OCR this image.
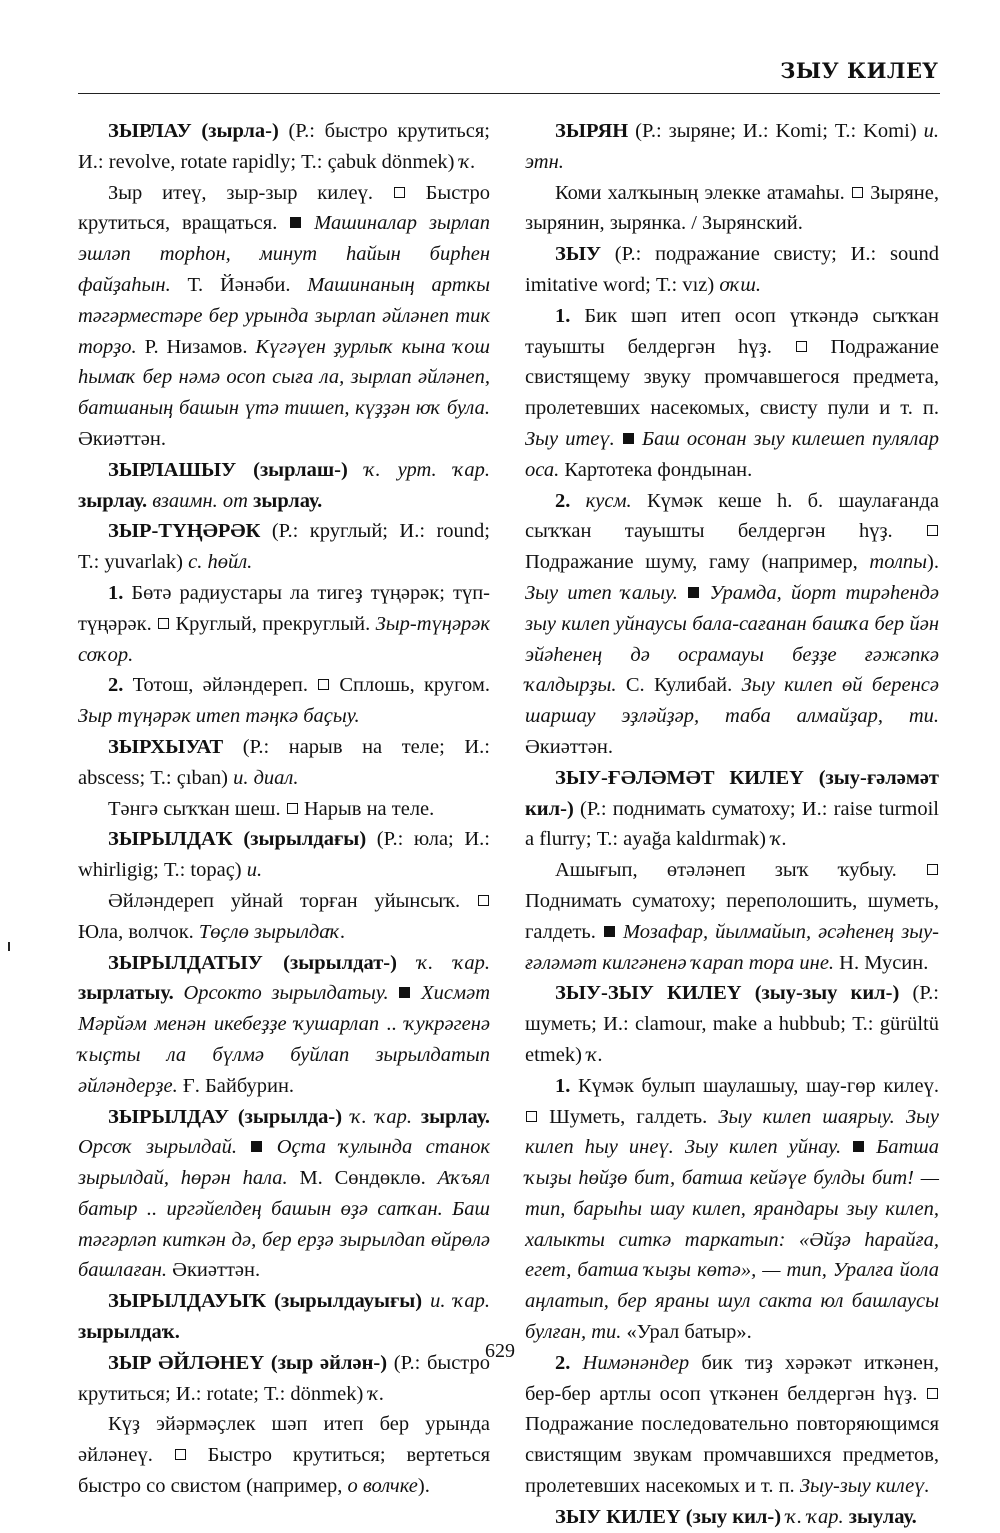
ЗЫУ КИЛЕҮ

ЗЫРЛАУ (зырла-) (Р.: быстро крутиться; И.: revolve, rotate rapidly; Т.: çabuk dönmek) ҡ.

Зыр итеү, зыр-зыр килеү.  Быстро крутиться, вращаться.  Машиналар зырлап эшләп торһон, минут һайын бирһен файҙаһын. Т. Йәнәби. Машинаның арткы тәгәрместәре бер урында зырлап әйләнеп тик торҙо. Р. Низамов. Күгәүен ҙурлыҡ кына ҡош һымаҡ бер нәмә осоп сыға ла, зырлап әйләнеп, батшаның башын үтә тишеп, күҙҙән юҡ була. Әкиәттән.

ЗЫРЛАШЫУ (зырлаш-) ҡ. урт. ҡар. зырлау. взаимн. от зырлау.

ЗЫР-ТҮҢӘРӘК (Р.: круглый; И.: round; Т.: yuvarlak) с. һөйл.

1. Бөтә радиустары ла тигеҙ түңәрәк; түп-түңәрәк.  Круглый, прекруглый. Зыр-түңәрәк соҡор.

2. Тотош, әйләндереп.  Сплошь, кругом. Зыр түңәрәк итеп тәңкә баҫыу.

ЗЫРХЫУАТ (Р.: нарыв на теле; И.: abscess; Т.: çıban) и. диал.

Тәнгә сыҡҡан шеш.  Нарыв на теле.

ЗЫРЫЛДАҠ (зырылдағы) (Р.: юла; И.: whirligig; Т.: topaç) и.

Әйләндереп уйнай торған уйынсыҡ.  Юла, волчок. Төҫлө зырылдаҡ.

ЗЫРЫЛДАТЫУ (зырылдат-) ҡ. ҡар. зырлатыу. Орсокто зырылдатыу. Хисмәт Мәрйәм менән икебеҙҙе ҡушарлап .. ҡукрәгенә ҡыҫты ла бүлмә буйлап зырылдатып әйләндерҙе. Ғ. Байбурин.

ЗЫРЫЛДАУ (зырылда-) ҡ. ҡар. зырлау. Орсоҡ зырылдай. Оҫта ҡулында станок зырылдай, һөрән һала. М. Сөндөклө. Аҡъял батыр .. иргәйелдең башын өҙә сапҡан. Баш тәгәрләп киткән дә, бер ерҙә зырылдап өйрөлә башлаған. Әкиәттән.

ЗЫРЫЛДАУЫҠ (зырылдауығы) и. ҡар. зырылдаҡ.

ЗЫР ӘЙЛӘНЕҮ (зыр әйлән-) (Р.: быстро крутиться; И.: rotate; Т.: dönmek) ҡ.

Күҙ эйәрмәҫлек шәп итеп бер урында әйләнеү.  Быстро крутиться; вертеться быстро со свистом (например, о волчке).

ЗЫРЯН (Р.: зыряне; И.: Komi; Т.: Komi) и. этн.

Коми халҡының элекке атамаһы.  Зыряне, зырянин, зырянка. / Зырянский.

ЗЫУ (Р.: подражание свисту; И.: sound imitative word; Т.: vız) оҡш.

1. Бик шәп итеп осоп үткәндә сыҡҡан тауышты белдергән һүҙ.  Подражание свистящему звуку промчавшегося предмета, пролетевших насекомых, свисту пули и т. п. Зыу итеү. Баш осонан зыу килешеп пулялар оса. Картотека фондынан.

2. кусм. Күмәк кеше һ. б. шаулағанда сыҡҡан тауышты белдергән һүҙ.  Подражание шуму, гаму (например, толпы). Зыу итеп ҡалыу. Урамда, йорт тирәһендә зыу килеп уйнаусы бала-сағанан башҡа бер йән эйәһенең дә осрамауы беҙҙе ғәжәпкә ҡалдырҙы. С. Кулибай. Зыу килеп өй беренсә шаршау эҙләйҙәр, таба алмайҙар, ти. Әкиәттән.

ЗЫУ-ҒӘЛӘМӘТ КИЛЕҮ (зыу-ғәләмәт кил-) (Р.: поднимать суматоху; И.: raise turmoil a flurry; Т.: ayağa kaldırmak) ҡ.

Ашығып, өтәләнеп зыҡ ҡубыу.  Поднимать суматоху; переполошить, шуметь, галдеть.  Мозафар, йылмайып, әсәһенең зыу-ғәләмәт килгәненә ҡарап тора ине. Н. Мусин.

ЗЫУ-ЗЫУ КИЛЕҮ (зыу-зыу кил-) (Р.: шуметь; И.: clamour, make a hubbub; Т.: gürültü etmek) ҡ.

1. Күмәк булып шаулашыу, шау-гөр килеү.  Шуметь, галдеть. Зыу килеп шаярыу. Зыу килеп һыу инеү. Зыу килеп уйнау. Батша ҡыҙы һөйҙө бит, батша кейәүе булды бит! — тип, барыһы шау килеп, ярандары зыу килеп, халыкты ситкә таркатып: «Әйҙә һарайға, егет, батша ҡыҙы көтә», — тип, Уралға йола аңлатып, бер яраны шул сакта юл башлаусы булған, ти. «Урал батыр».

2. Нимәнәндер бик тиҙ хәрәкәт иткәнен, бер-бер артлы осоп үткәнен белдергән һүҙ.  Подражание последовательно повторяющимся свистящим звукам промчавшихся предметов, пролетевших насекомых и т. п. Зыу-зыу килеү.

ЗЫУ КИЛЕҮ (зыу кил-) ҡ. ҡар. зыулау.

629
